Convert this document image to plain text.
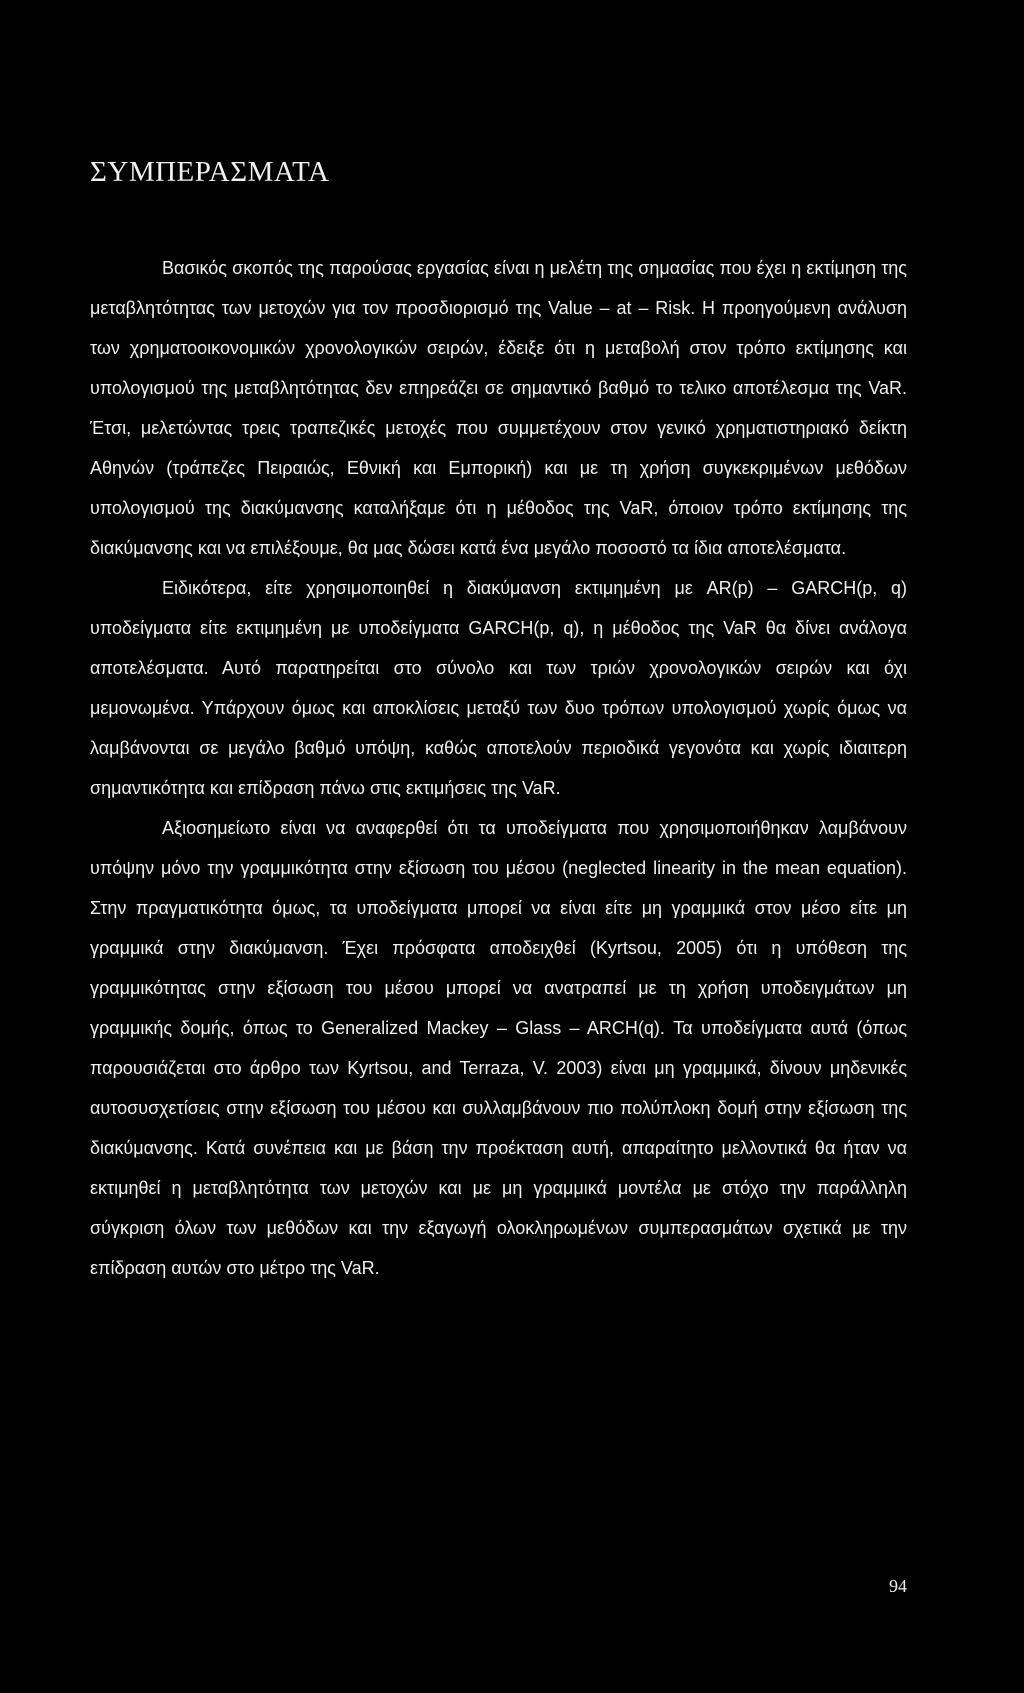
ΣΥΜΠΕΡΑΣΜΑΤΑ

Βασικός σκοπός της παρούσας εργασίας είναι η μελέτη της σημασίας που έχει η εκτίμηση της μεταβλητότητας των μετοχών για τον προσδιορισμό της Value – at – Risk. Η προηγούμενη ανάλυση των χρηματοοικονομικών χρονολογικών σειρών, έδειξε ότι η μεταβολή στον τρόπο εκτίμησης και υπολογισμού της μεταβλητότητας δεν επηρεάζει σε σημαντικό βαθμό το τελικο αποτέλεσμα της VaR. Έτσι, μελετώντας τρεις τραπεζικές μετοχές που συμμετέχουν στον γενικό χρηματιστηριακό δείκτη Αθηνών (τράπεζες Πειραιώς, Εθνική και Εμπορική) και με τη χρήση συγκεκριμένων μεθόδων υπολογισμού της διακύμανσης καταλήξαμε ότι η μέθοδος της VaR, όποιον τρόπο εκτίμησης της διακύμανσης και να επιλέξουμε, θα μας δώσει κατά ένα μεγάλο ποσοστό τα ίδια αποτελέσματα.

Ειδικότερα, είτε χρησιμοποιηθεί η διακύμανση εκτιμημένη με AR(p) – GARCH(p, q) υποδείγματα είτε εκτιμημένη με υποδείγματα GARCH(p, q), η μέθοδος της VaR θα δίνει ανάλογα αποτελέσματα. Αυτό παρατηρείται στο σύνολο και των τριών χρονολογικών σειρών και όχι μεμονωμένα. Υπάρχουν όμως και αποκλίσεις μεταξύ των δυο τρόπων υπολογισμού χωρίς όμως να λαμβάνονται σε μεγάλο βαθμό υπόψη, καθώς αποτελούν περιοδικά γεγονότα και χωρίς ιδιαιτερη σημαντικότητα και επίδραση πάνω στις εκτιμήσεις της VaR.

Αξιοσημείωτο είναι να αναφερθεί ότι τα υποδείγματα που χρησιμοποιήθηκαν λαμβάνουν υπόψην μόνο την γραμμικότητα στην εξίσωση του μέσου (neglected linearity in the mean equation). Στην πραγματικότητα όμως, τα υποδείγματα μπορεί να είναι είτε μη γραμμικά στον μέσο είτε μη γραμμικά στην διακύμανση. Έχει πρόσφατα αποδειχθεί (Kyrtsou, 2005) ότι η υπόθεση της γραμμικότητας στην εξίσωση του μέσου μπορεί να ανατραπεί με τη χρήση υποδειγμάτων μη γραμμικής δομής, όπως το Generalized Mackey – Glass – ARCH(q). Τα υποδείγματα αυτά (όπως παρουσιάζεται στο άρθρο των Kyrtsou, and Terraza, V. 2003) είναι μη γραμμικά, δίνουν μηδενικές αυτοσυσχετίσεις στην εξίσωση του μέσου και συλλαμβάνουν πιο πολύπλοκη δομή στην εξίσωση της διακύμανσης. Κατά συνέπεια και με βάση την προέκταση αυτή, απαραίτητο μελλοντικά θα ήταν να εκτιμηθεί η μεταβλητότητα των μετοχών και με μη γραμμικά μοντέλα με στόχο την παράλληλη σύγκριση όλων των μεθόδων και την εξαγωγή ολοκληρωμένων συμπερασμάτων σχετικά με την επίδραση αυτών στο μέτρο της VaR.

94
